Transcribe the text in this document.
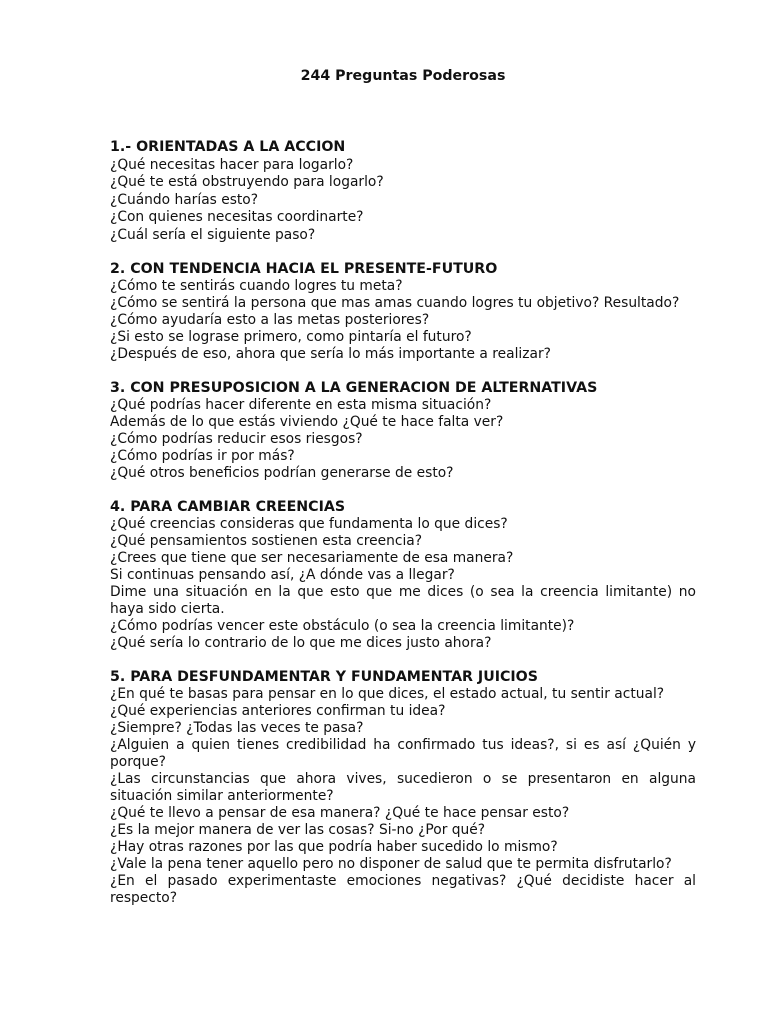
244 Preguntas Poderosas
1.- ORIENTADAS A LA ACCION

¿Qué necesitas hacer para logarlo?

¿Qué te está obstruyendo para logarlo?

¿Cuándo harías esto?

¿Con quienes necesitas coordinarte?

¿Cuál sería el siguiente paso?

2. CON TENDENCIA HACIA EL PRESENTE-FUTURO

¿Cómo te sentirás cuando logres tu meta?

¿Cómo se sentirá la persona que mas amas cuando logres tu objetivo? Resultado?

¿Cómo ayudaría esto a las metas posteriores?

¿Si esto se lograse primero, como pintaría el futuro?

¿Después de eso, ahora que sería lo más importante a realizar?

3. CON PRESUPOSICION A LA GENERACION DE ALTERNATIVAS

¿Qué podrías hacer diferente en esta misma situación?

Además de lo que estás viviendo ¿Qué te hace falta ver?

¿Cómo podrías reducir esos riesgos?

¿Cómo podrías ir por más?

¿Qué otros beneficios podrían generarse de esto?

4. PARA CAMBIAR CREENCIAS

¿Qué creencias consideras que fundamenta lo que dices?

¿Qué pensamientos sostienen esta creencia?

¿Crees que tiene que ser necesariamente de esa manera?

Si continuas pensando así, ¿A dónde vas a llegar?

Dime una situación en la que esto que me dices (o sea la creencia limitante) no haya sido cierta.

¿Cómo podrías vencer este obstáculo (o sea la creencia limitante)?

¿Qué sería lo contrario de lo que me dices justo ahora?

5. PARA DESFUNDAMENTAR Y FUNDAMENTAR JUICIOS

¿En qué te basas para pensar en lo que dices, el estado actual, tu sentir actual?

¿Qué experiencias anteriores confirman tu idea?

¿Siempre? ¿Todas las veces te pasa?

¿Alguien a quien tienes credibilidad ha confirmado tus ideas?, si es así ¿Quién y porque?

¿Las circunstancias que ahora vives, sucedieron o se presentaron en alguna situación similar anteriormente?

¿Qué te llevo a pensar de esa manera? ¿Qué te hace pensar esto?

¿Es la mejor manera de ver las cosas? Si-no ¿Por qué?

¿Hay otras razones por las que podría haber sucedido lo mismo?

¿Vale la pena tener aquello pero no disponer de salud que te permita disfrutarlo?

¿En el pasado experimentaste emociones negativas? ¿Qué decidiste hacer al respecto?
